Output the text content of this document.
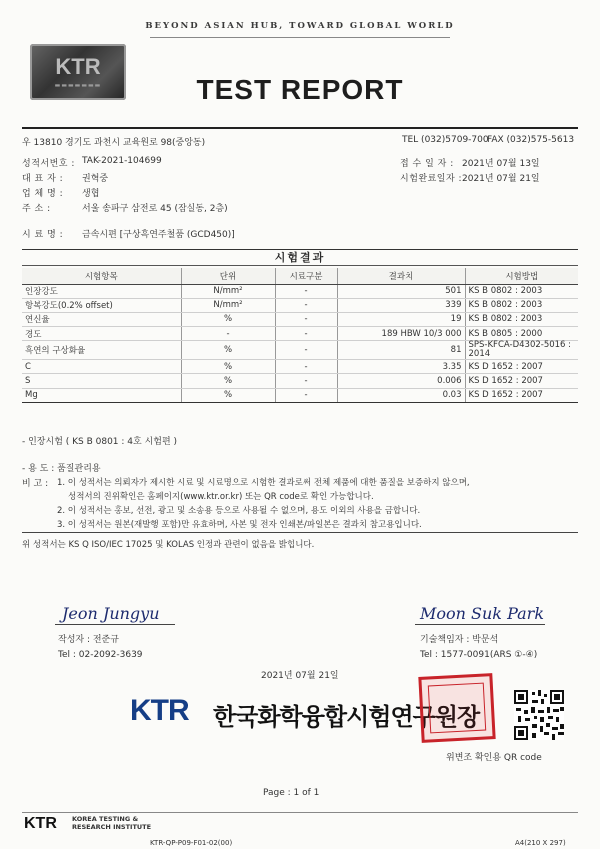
BEYOND ASIAN HUB, TOWARD GLOBAL WORLD
KTR
▬▬▬▬▬▬▬	TEST REPORT
우 13810 경기도 과천시 교육원로 98(중앙동)	TEL (032)5709-700
FAX (032)575-5613
성적서번호 : TAK-2021-104699
대 표 자 : 권혁중
업 체 명 : 생협
주 소 :	서울 송파구 삼전로 45 (잠실동, 2층)
접 수 일 자 : 2021년 07월 13일
시험완료일자 : 2021년 07월 21일
시 료 명 : 금속시편 [구상흑연주철품 (GCD450)]
시험결과
시험항목	단위	시료구분	결과치	시험방법
인장강도	N/mm²	-	501	KS B 0802 : 2003
항복강도(0.2% offset)	N/mm²	-	339	KS B 0802 : 2003
연신율	%	-	19	KS B 0802 : 2003
경도	-	-	189 HBW 10/3 000	KS B 0805 : 2000
흑연의 구상화율	%	-	81	SPS-KFCA-D4302-5016 : 2014
C	%	-	3.35	KS D 1652 : 2007
S	%	-	0.006	KS D 1652 : 2007
Mg	%	-	0.03	KS D 1652 : 2007
- 인장시험 ( KS B 0801 : 4호 시험편 )
- 용 도 : 품질관리용
비 고 : 1. 이 성적서는 의뢰자가 제시한 시료 및 시료명으로 시험한 결과로써 전체 제품에 대한 품질을 보증하지 않으며,
성적서의 진위확인은 홈페이지(www.ktr.or.kr) 또는 QR code로 확인 가능합니다.
2. 이 성적서는 홍보, 선전, 광고 및 소송용 등으로 사용될 수 없으며, 용도 이외의 사용을 금합니다.
3. 이 성적서는 원본(재발행 포함)만 유효하며, 사본 및 전자 인쇄본/파일본은 결과치 참고용입니다.
위 성적서는 KS Q ISO/IEC 17025 및 KOLAS 인정과 관련이 없음을 밝힙니다.
Jeon Jungyu
작성자 : 전준규
Tel : 02-2092-3639
Moon Suk Park
기술책임자 : 박문석
Tel : 1577-0091(ARS ①-④)
2021년 07월 21일
KTR 한국화학융합시험연구원장
위변조 확인용 QR code
Page : 1 of 1
KTR KOREA TESTING &
RESEARCH INSTITUTE
KTR-QP-P09-F01-02(00)	A4(210 X 297)
